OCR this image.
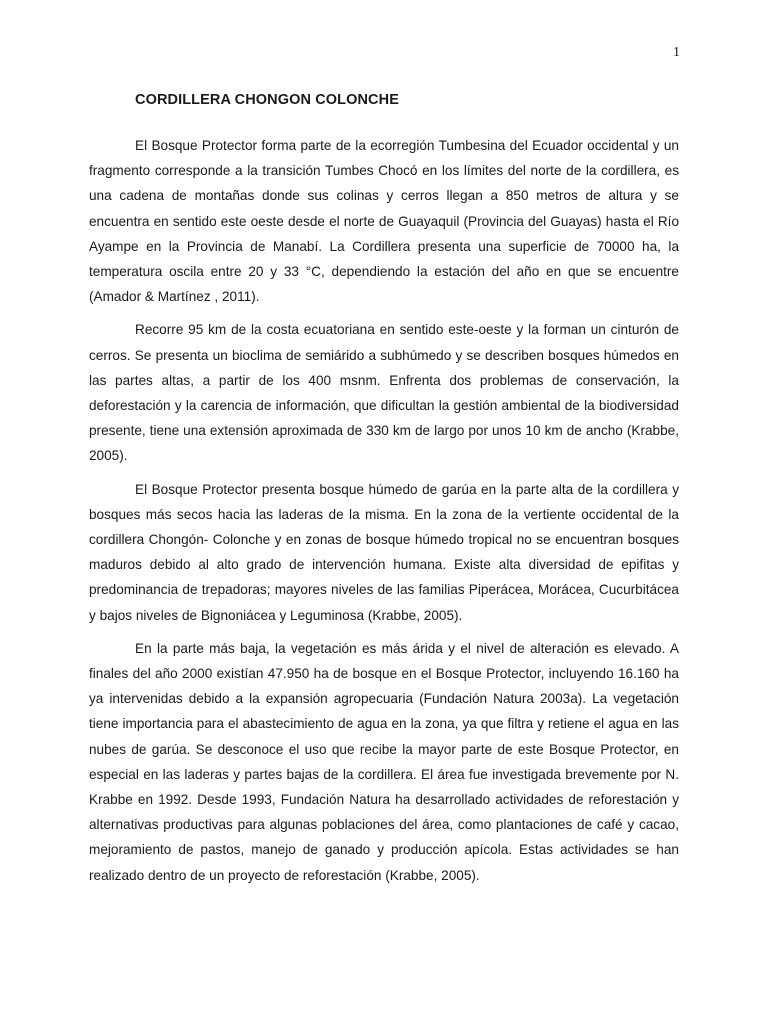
1
CORDILLERA CHONGON COLONCHE

El Bosque Protector forma parte de la ecorregión Tumbesina del Ecuador occidental y un fragmento corresponde a la transición Tumbes Chocó en los límites del norte de la cordillera, es una cadena de montañas donde sus colinas y cerros llegan a 850 metros de altura y se encuentra en sentido este oeste desde el norte de Guayaquil (Provincia del Guayas) hasta el Río Ayampe en la Provincia de Manabí. La Cordillera presenta una superficie de 70000 ha, la temperatura oscila entre 20 y 33 °C, dependiendo la estación del año en que se encuentre (Amador & Martínez , 2011).

Recorre 95 km de la costa ecuatoriana en sentido este-oeste y la forman un cinturón de cerros. Se presenta un bioclima de semiárido a subhúmedo y se describen bosques húmedos en las partes altas, a partir de los 400 msnm. Enfrenta dos problemas de conservación, la deforestación y la carencia de información, que dificultan la gestión ambiental de la biodiversidad presente, tiene una extensión aproximada de 330 km de largo por unos 10 km de ancho (Krabbe, 2005).

El Bosque Protector presenta bosque húmedo de garúa en la parte alta de la cordillera y bosques más secos hacia las laderas de la misma. En la zona de la vertiente occidental de la cordillera Chongón- Colonche y en zonas de bosque húmedo tropical no se encuentran bosques maduros debido al alto grado de intervención humana. Existe alta diversidad de epifitas y predominancia de trepadoras; mayores niveles de las familias Piperácea, Morácea, Cucurbitácea y bajos niveles de Bignoniácea y Leguminosa (Krabbe, 2005).

En la parte más baja, la vegetación es más árida y el nivel de alteración es elevado. A finales del año 2000 existían 47.950 ha de bosque en el Bosque Protector, incluyendo 16.160 ha ya intervenidas debido a la expansión agropecuaria (Fundación Natura 2003a). La vegetación tiene importancia para el abastecimiento de agua en la zona, ya que filtra y retiene el agua en las nubes de garúa. Se desconoce el uso que recibe la mayor parte de este Bosque Protector, en especial en las laderas y partes bajas de la cordillera. El área fue investigada brevemente por N. Krabbe en 1992. Desde 1993, Fundación Natura ha desarrollado actividades de reforestación y alternativas productivas para algunas poblaciones del área, como plantaciones de café y cacao, mejoramiento de pastos, manejo de ganado y producción apícola. Estas actividades se han realizado dentro de un proyecto de reforestación (Krabbe, 2005).
